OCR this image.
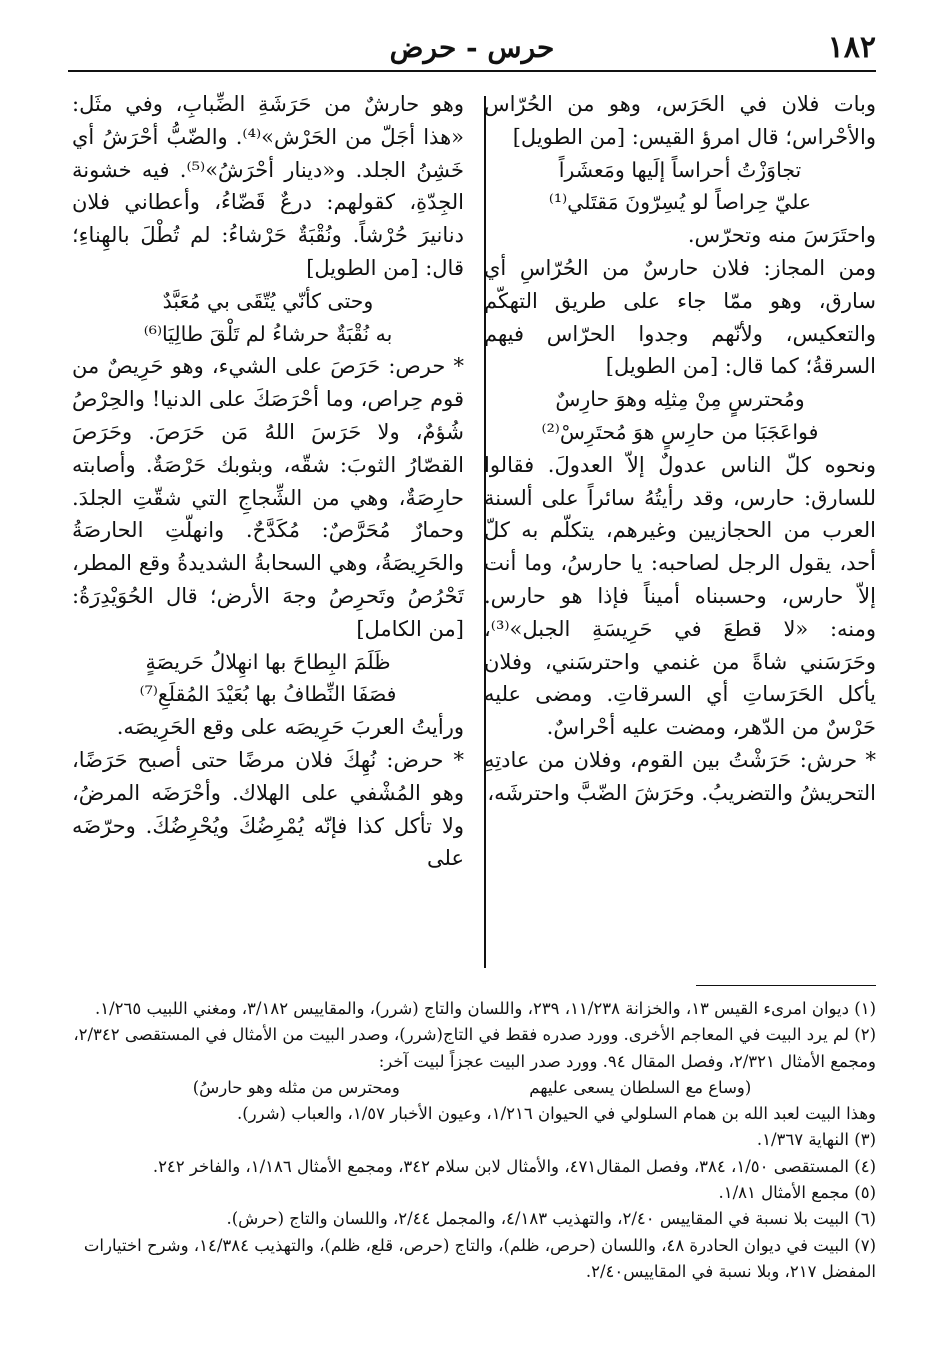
١٨٢
حرس - حرض

وبات فلان في الحَرَس، وهو من الحُرّاس والأحْراس؛ قال امرؤ القيس: [من الطويل]

تجاوَزْتُ أحراساً إلَيها ومَعشَراً

عليّ حِراصاً لو يُسِرّونَ مَقتَلي⁽¹⁾

واحتَرَسَ منه وتحرّس.

ومن المجاز: فلان حارسٌ من الحُرّاسِ أي سارق، وهو ممّا جاء على طريق التهكّم والتعكيس، ولأنّهم وجدوا الحرّاس فيهم السرقةُ؛ كما قال: [من الطويل]

ومُحترسٍ مِنْ مِثلِه وهوَ حارِسٌ

فواعَجَبَا من حارِسٍ هوَ مُحتَرِسْ⁽²⁾

ونحوه كلّ الناس عدولٌ إلاّ العدولَ. فقالوا للسارق: حارس، وقد رأيتُهُ سائراً على ألسنة العرب من الحجازيين وغيرهم، يتكلّم به كلّ أحد، يقول الرجل لصاحبه: يا حارسُ، وما أنت إلاّ حارس، وحسبناه أميناً فإذا هو حارس. ومنه: «لا قطعَ في حَرِيسَةِ الجبل»⁽³⁾، وحَرَسَني شاةً من غنمي واحترسَني، وفلان يأكل الحَرَساتِ أي السرقاتِ. ومضى عليه حَرْسٌ من الدّهر، ومضت عليه أحْراسٌ.

* حرش: حَرَشْتُ بين القوم، وفلان من عادتِهِ التحريشُ والتضريبُ. وحَرَشَ الضّبَّ واحترشَه،

وهو حارشٌ من حَرَشَةِ الضِّبابِ، وفي مثَل: «هذا أجَلّ من الحَرْش»⁽⁴⁾. والضّبُّ أحْرَشُ أي خَشِنُ الجلد. و«دينار أحْرَشُ»⁽⁵⁾. فيه خشونة الجِدّةِ، كقولهم: درعٌ قَضّاءُ، وأعطاني فلان دنانيرَ حُرْشاً. ونُقْبَةٌ حَرْشاءُ: لم تُطْلَ بالهِناءِ؛ قال: [من الطويل]

وحتى كأنّي يُتّقَى بي مُعَبَّدٌ

به نُقْبَةٌ حرشاءُ لم تَلْقَ طالِيَا⁽⁶⁾

* حرص: حَرَصَ على الشيء، وهو حَرِيصٌ من قوم حِراص، وما أحْرَصَكَ على الدنيا! والحِرْصُ شُؤمٌ، ولا حَرَسَ اللهُ مَن حَرَصَ. وحَرَصَ القصّارُ الثوبَ: شقّه، وبثوبك حَرْصَةٌ. وأصابته حارِصَةٌ، وهي من الشِّجاجِ التي شقّتِ الجلدَ. وحمارٌ مُحَرَّصٌ: مُكَدَّحٌ. وانهلّتِ الحارصَةُ والحَرِيصَةُ، وهي السحابةُ الشديدةُ وقع المطر، تَحْرُصُ وتَحرِصُ وجهَ الأرض؛ قال الحُوَيْدِرَةُ: [من الكامل]

ظَلَمَ البِطاحَ بها انهِلالُ حَريصَةٍ

فصَفَا النِّطافُ بها بُعَيْدَ المُقلَعِ⁽⁷⁾

ورأيتُ العربَ حَرِيصَه على وقع الحَرِيصَه.

* حرض: نُهِكَ فلان مرضًا حتى أصبح حَرَضًا، وهو المُشْفي على الهلاك. وأحْرَضَه المرضُ، ولا تأكل كذا فإنّه يُمْرِضُكَ ويُحْرِضُكَ. وحرّضَه على

(١) ديوان امرىء القيس ١٣، والخزانة ١١/٢٣٨، ٢٣٩، واللسان والتاج (شرر)، والمقاييس ٣/١٨٢، ومغني اللبيب ١/٢٦٥.

(٢) لم يرد البيت في المعاجم الأخرى. وورد صدره فقط في التاج(شرر)، وصدر البيت من الأمثال في المستقصى ٢/٣٤٢، ومجمع الأمثال ٢/٣٢١، وفصل المقال ٩٤. وورد صدر البيت عجزاً لبيت آخر:

(وساع مع السلطان يسعى عليهم
ومحترس من مثله وهو حارسُ)

وهذا البيت لعبد الله بن همام السلولي في الحيوان ١/٢١٦، وعيون الأخبار ١/٥٧، والعباب (شرر).

(٣) النهاية ١/٣٦٧.

(٤) المستقصى ١/٥٠، ٣٨٤، وفصل المقال٤٧١، والأمثال لابن سلام ٣٤٢، ومجمع الأمثال ١/١٨٦، والفاخر ٢٤٢.

(٥) مجمع الأمثال ١/٨١.

(٦) البيت بلا نسبة في المقاييس ٢/٤٠، والتهذيب ٤/١٨٣، والمجمل ٢/٤٤، واللسان والتاج (حرش).

(٧) البيت في ديوان الحادرة ٤٨، واللسان (حرص، ظلم)، والتاج (حرص، قلع، ظلم)، والتهذيب ١٤/٣٨٤، وشرح اختيارات المفضل ٢١٧، وبلا نسبة في المقاييس٢/٤٠.
